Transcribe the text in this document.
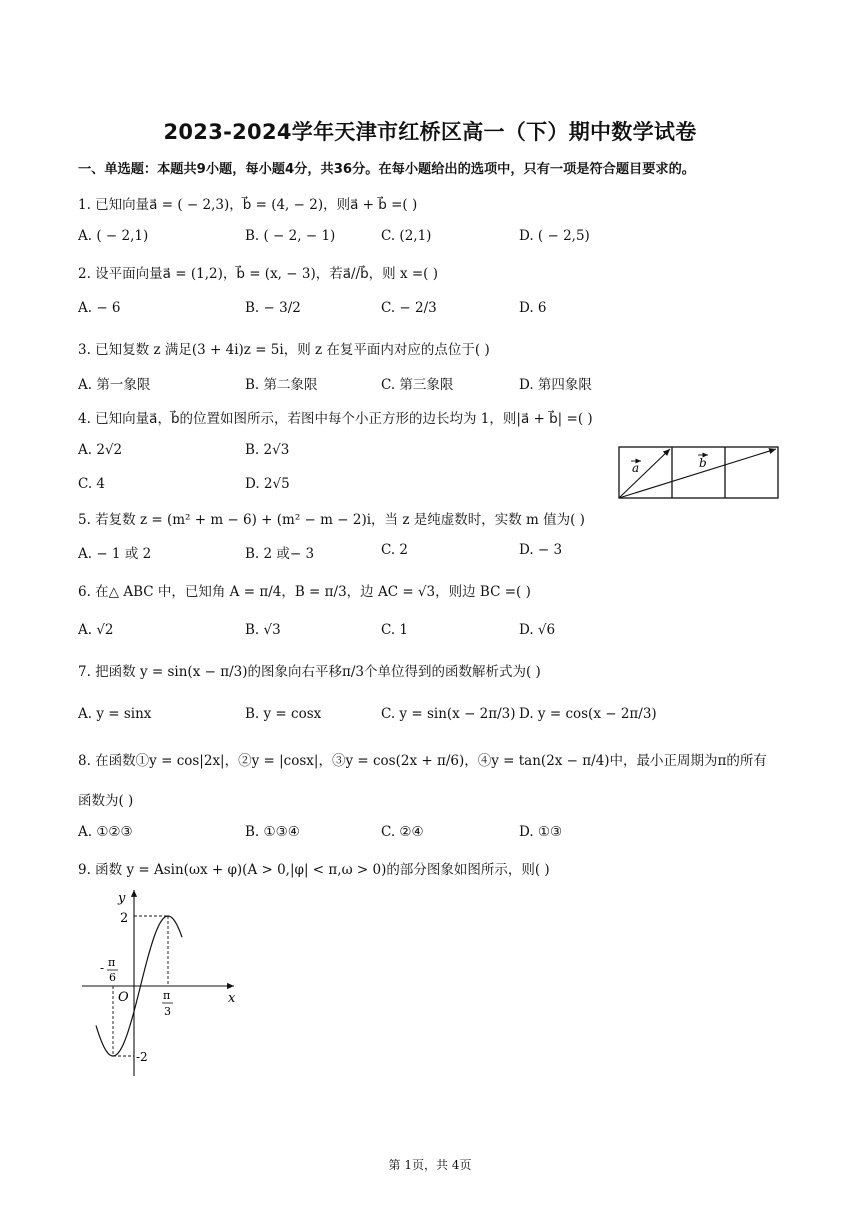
2023-2024学年天津市红桥区高一（下）期中数学试卷
一、单选题：本题共9小题，每小题4分，共36分。在每小题给出的选项中，只有一项是符合题目要求的。
1. 已知向量a⃗ = ( − 2,3)，b⃗ = (4, − 2)，则a⃗ + b⃗ =( )
A. ( − 2,1)	B. ( − 2, − 1)	C. (2,1)	D. ( − 2,5)
2. 设平面向量a⃗ = (1,2)，b⃗ = (x, − 3)，若a⃗//b⃗，则 x =( )
A. − 6	B. − 3/2	C. − 2/3	D. 6
3. 已知复数 z 满足(3 + 4i)z = 5i，则 z 在复平面内对应的点位于( )
A. 第一象限	B. 第二象限	C. 第三象限	D. 第四象限
4. 已知向量a⃗，b⃗的位置如图所示，若图中每个小正方形的边长均为 1，则|a⃗ + b⃗| =( )
A. 2√2	B. 2√3
C. 4	D. 2√5
a	b
5. 若复数 z = (m² + m − 6) + (m² − m − 2)i，当 z 是纯虚数时，实数 m 值为( )
A. − 1 或 2	B. 2 或− 3	C. 2	D. − 3
6. 在△ ABC 中，已知角 A = π/4，B = π/3，边 AC = √3，则边 BC =( )
A. √2	B. √3	C. 1	D. √6
7. 把函数 y = sin(x − π/3)的图象向右平移π/3个单位得到的函数解析式为( )
A. y = sinx	B. y = cosx	C. y = sin(x − 2π/3) D. y = cos(x − 2π/3)
8. 在函数①y = cos|2x|，②y = |cosx|，③y = cos(2x + π/6)，④y = tan(2x − π/4)中，最小正周期为π的所有
函数为( )
A. ①②③	B. ①③④	C. ②④	D. ①③
9. 函数 y = Asin(ωx + φ)(A > 0,|φ| < π,ω > 0)的部分图象如图所示，则( )
y
x
O
2
-2
- π
6
π
3
第 1页，共 4页
